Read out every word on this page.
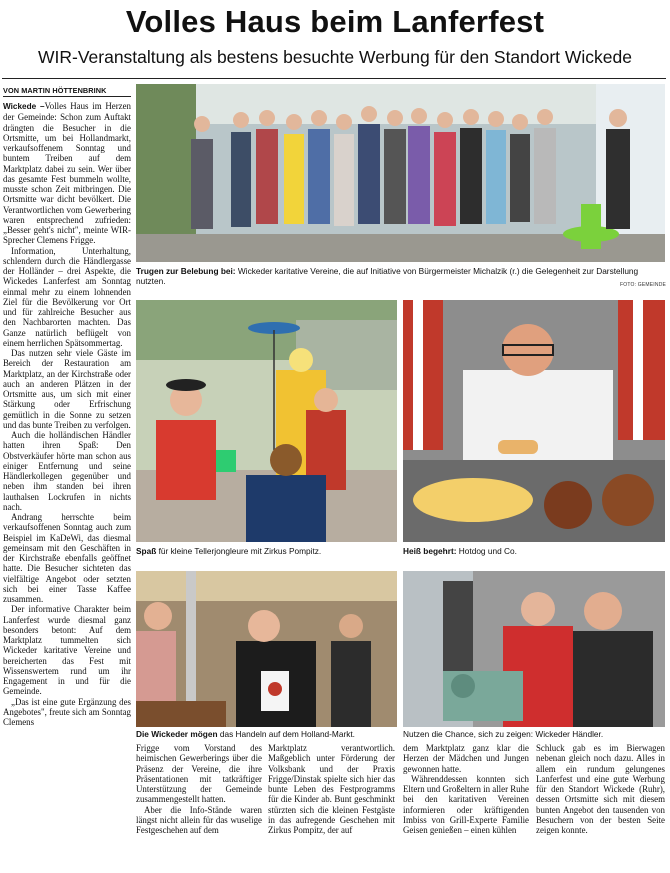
Volles Haus beim Lanferfest
WIR-Veranstaltung als bestens besuchte Werbung für den Standort Wickede
VON MARTIN HÖTTENBRINK

Wickede –Volles Haus im Herzen der Gemeinde: Schon zum Auftakt drängten die Besucher in die Ortsmitte, um bei Hollandmarkt, verkaufsoffenem Sonntag und buntem Treiben auf dem Marktplatz dabei zu sein. Wer über das gesamte Fest bummeln wollte, musste schon Zeit mitbringen. Die Ortsmitte war dicht bevölkert. Die Verantwortlichen vom Gewerbering waren entsprechend zufrieden: „Besser geht's nicht", meinte WIR-Sprecher Clemens Frigge.

Information, Unterhaltung, schlendern durch die Händlergasse der Holländer – drei Aspekte, die Wickedes Lanferfest am Sonntag einmal mehr zu einem lohnenden Ziel für die Bevölkerung vor Ort und für zahlreiche Besucher aus den Nachbarorten machten. Das Ganze natürlich beflügelt von einem herrlichen Spätsommertag.

Das nutzen sehr viele Gäste im Bereich der Restauration am Marktplatz, an der Kirchstraße oder auch an anderen Plätzen in der Ortsmitte aus, um sich mit einer Stärkung oder Erfrischung gemütlich in die Sonne zu setzen und das bunte Treiben zu verfolgen.

Auch die holländischen Händler hatten ihren Spaß: Den Obstverkäufer hörte man schon aus einiger Entfernung und seine Händlerkollegen gegenüber und neben ihm standen bei ihren lauthalsen Lockrufen in nichts nach.

Andrang herrschte beim verkaufsoffenen Sonntag auch zum Beispiel im KaDeWi, das diesmal gemeinsam mit den Geschäften in der Kirchstraße ebenfalls geöffnet hatte. Die Besucher sichteten das vielfältige Angebot oder setzten sich bei einer Tasse Kaffee zusammen.

Der informative Charakter beim Lanferfest wurde diesmal ganz besonders betont: Auf dem Marktplatz tummelten sich Wickeder karitative Vereine und bereicherten das Fest mit Wissenswertem rund um ihr Engagement in und für die Gemeinde.

„Das ist eine gute Ergänzung des Angebotes", freute sich am Sonntag Clemens

Trugen zur Belebung bei: Wickeder karitative Vereine, die auf Initiative von Bürgermeister Michalzik (r.) die Gelegenheit zur Darstellung nutzten.	FOTO: GEMEINDE
Spaß für kleine Tellerjongleure mit Zirkus Pompitz.	Heiß begehrt: Hotdog und Co.
Die Wickeder mögen das Handeln auf dem Holland-Markt.	Nutzen die Chance, sich zu zeigen: Wickeder Händler.

Frigge vom Vorstand des heimischen Gewerberings über die Präsenz der Vereine, die ihre Präsentationen mit tatkräftiger Unterstützung der Gemeinde zusammengestellt hatten.

Aber die Info-Stände waren längst nicht allein für das wuselige Festgeschehen auf dem

Marktplatz verantwortlich. Maßgeblich unter Förderung der Volksbank und der Praxis Frigge/Dinstak spielte sich hier das bunte Leben des Festprogramms für die Kinder ab. Bunt geschminkt stürzten sich die kleinen Festgäste in das aufregende Geschehen mit Zirkus Pompitz, der auf

dem Marktplatz ganz klar die Herzen der Mädchen und Jungen gewonnen hatte.

Währenddessen konnten sich Eltern und Großeltern in aller Ruhe bei den karitativen Vereinen informieren oder kräftigenden Imbiss von Grill-Experte Familie Geisen genießen – einen kühlen

Schluck gab es im Bierwagen nebenan gleich noch dazu. Alles in allem ein rundum gelungenes Lanferfest und eine gute Werbung für den Standort Wickede (Ruhr), dessen Ortsmitte sich mit diesem bunten Angebot den tausenden von Besuchern von der besten Seite zeigen konnte.
